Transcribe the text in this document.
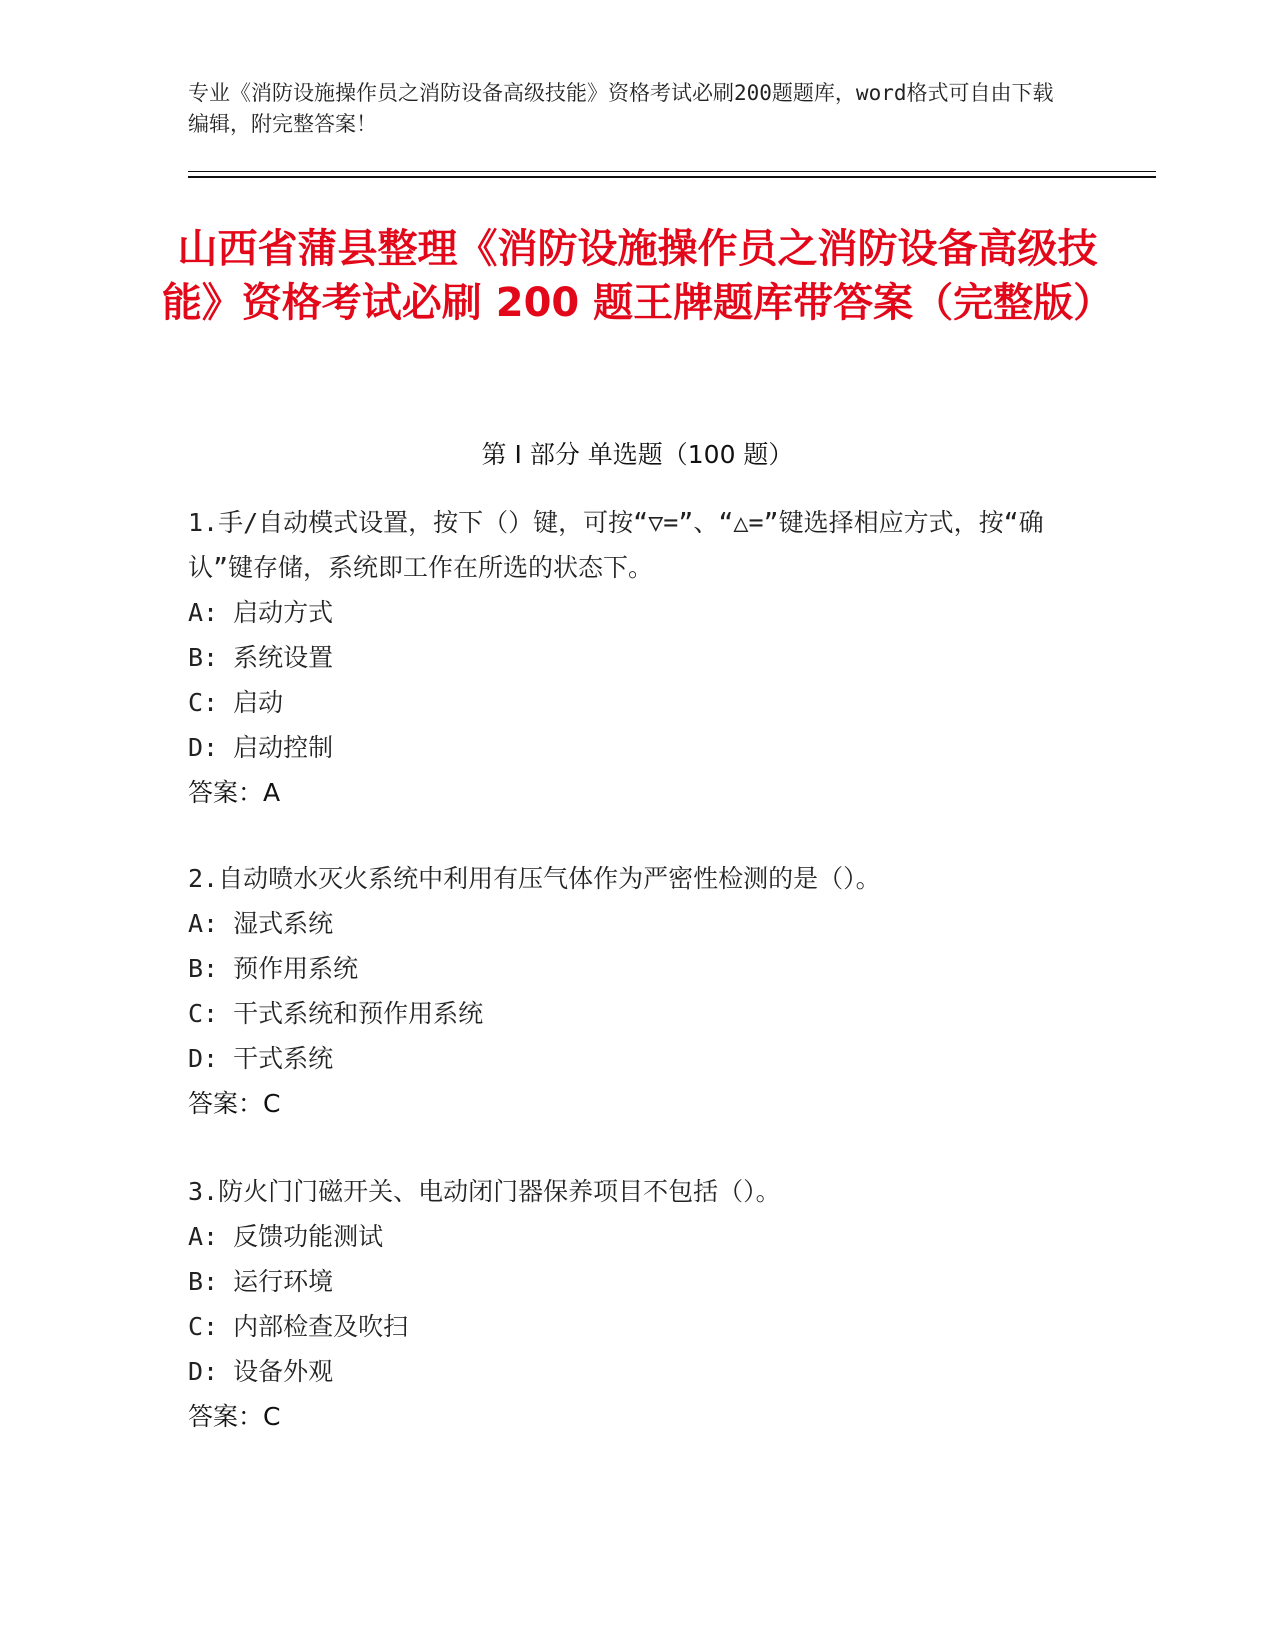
专业《消防设施操作员之消防设备高级技能》资格考试必刷200题题库，word格式可自由下载编辑，附完整答案！
山西省蒲县整理《消防设施操作员之消防设备高级技能》资格考试必刷 200 题王牌题库带答案（完整版）
第 I 部分 单选题（100 题）
1.手/自动模式设置，按下（）键，可按“▽=”、“△=”键选择相应方式，按“确认”键存储，系统即工作在所选的状态下。
A: 启动方式
B: 系统设置
C: 启动
D: 启动控制
答案：A
2.自动喷水灭火系统中利用有压气体作为严密性检测的是（）。
A: 湿式系统
B: 预作用系统
C: 干式系统和预作用系统
D: 干式系统
答案：C
3.防火门门磁开关、电动闭门器保养项目不包括（）。
A: 反馈功能测试
B: 运行环境
C: 内部检查及吹扫
D: 设备外观
答案：C
